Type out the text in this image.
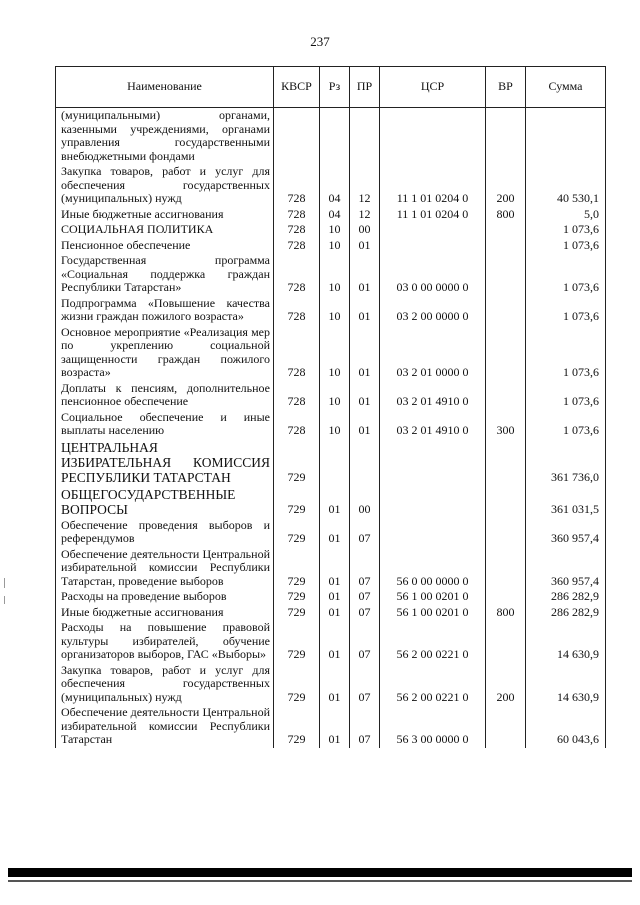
237
Наименование	КВСР	Рз	ПР	ЦСР	ВР	Сумма
(муниципальными) органами, казенными учреждениями, органами управления государственными внебюджетными фондами						
Закупка товаров, работ и услуг для обеспечения государственных (муниципальных) нужд	728	04	12	11 1 01 0204 0	200	40 530,1
Иные бюджетные ассигнования	728	04	12	11 1 01 0204 0	800	5,0
СОЦИАЛЬНАЯ ПОЛИТИКА	728	10	00			1 073,6
Пенсионное обеспечение	728	10	01			1 073,6
Государственная программа «Социальная поддержка граждан Республики Татарстан»	728	10	01	03 0 00 0000 0		1 073,6
Подпрограмма «Повышение качества жизни граждан пожилого возраста»	728	10	01	03 2 00 0000 0		1 073,6
Основное мероприятие «Реализация мер по укреплению социальной защищенности граждан пожилого возраста»	728	10	01	03 2 01 0000 0		1 073,6
Доплаты к пенсиям, дополнительное пенсионное обеспечение	728	10	01	03 2 01 4910 0		1 073,6
Социальное обеспечение и иные выплаты населению	728	10	01	03 2 01 4910 0	300	1 073,6
ЦЕНТРАЛЬНАЯ ИЗБИРАТЕЛЬНАЯ КОМИССИЯ РЕСПУБЛИКИ ТАТАРСТАН	729					361 736,0
ОБЩЕГОСУДАРСТВЕННЫЕ ВОПРОСЫ	729	01	00			361 031,5
Обеспечение проведения выборов и референдумов	729	01	07			360 957,4
Обеспечение деятельности Центральной избирательной комиссии Республики Татарстан, проведение выборов	729	01	07	56 0 00 0000 0		360 957,4
Расходы на проведение выборов	729	01	07	56 1 00 0201 0		286 282,9
Иные бюджетные ассигнования	729	01	07	56 1 00 0201 0	800	286 282,9
Расходы на повышение правовой культуры избирателей, обучение организаторов выборов, ГАС «Выборы»	729	01	07	56 2 00 0221 0		14 630,9
Закупка товаров, работ и услуг для обеспечения государственных (муниципальных) нужд	729	01	07	56 2 00 0221 0	200	14 630,9
Обеспечение деятельности Центральной избирательной комиссии Республики Татарстан	729	01	07	56 3 00 0000 0		60 043,6
